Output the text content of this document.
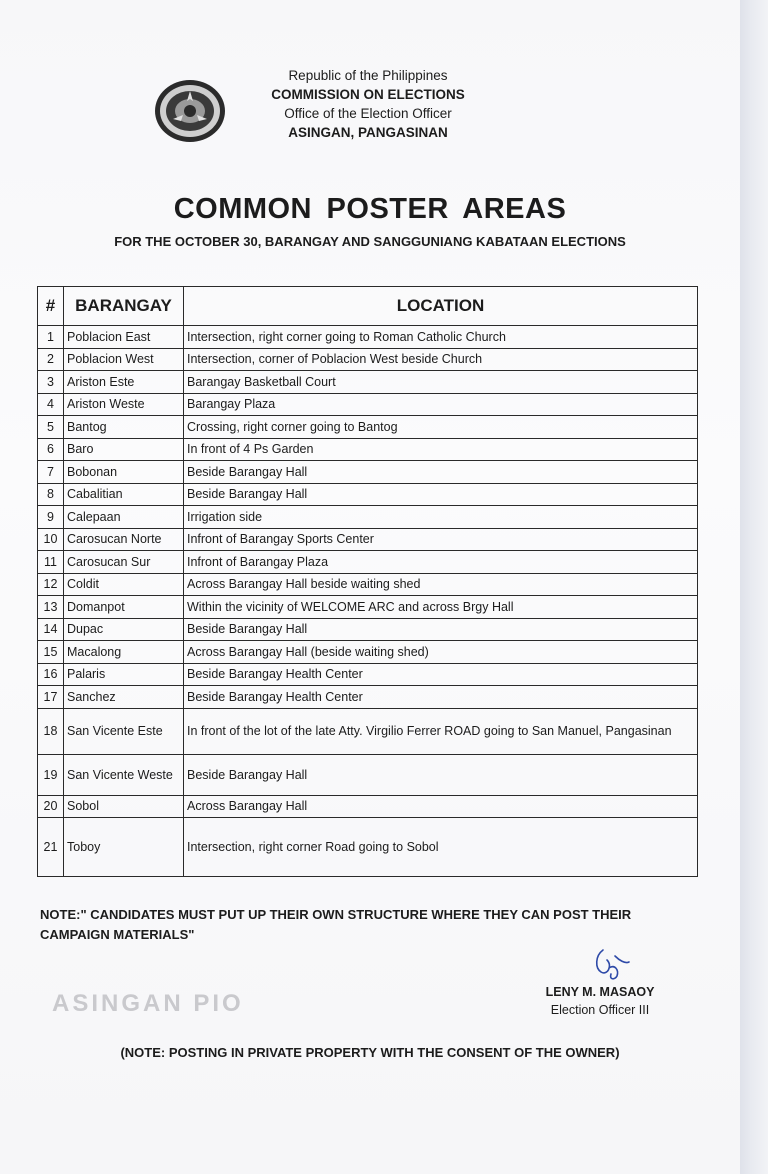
Republic of the Philippines
COMMISSION ON ELECTIONS
Office of the Election Officer
ASINGAN, PANGASINAN
COMMON POSTER AREAS
FOR THE OCTOBER 30, BARANGAY AND SANGGUNIANG KABATAAN ELECTIONS
#	BARANGAY	LOCATION
1	Poblacion East	Intersection, right corner going to Roman Catholic Church
2	Poblacion West	Intersection, corner of Poblacion West beside Church
3	Ariston Este	Barangay Basketball Court
4	Ariston Weste	Barangay Plaza
5	Bantog	Crossing, right corner going to Bantog
6	Baro	In front of 4 Ps Garden
7	Bobonan	Beside Barangay Hall
8	Cabalitian	Beside Barangay Hall
9	Calepaan	Irrigation side
10	Carosucan Norte	Infront of Barangay Sports Center
11	Carosucan Sur	Infront of Barangay Plaza
12	Coldit	Across Barangay Hall beside waiting shed
13	Domanpot	Within the vicinity of WELCOME ARC and across Brgy Hall
14	Dupac	Beside Barangay Hall
15	Macalong	Across Barangay Hall (beside waiting shed)
16	Palaris	Beside Barangay Health Center
17	Sanchez	Beside Barangay Health Center
18	San Vicente Este	In front of the lot of the late Atty. Virgilio Ferrer ROAD going to San Manuel, Pangasinan
19	San Vicente Weste	Beside Barangay Hall
20	Sobol	Across Barangay Hall
21	Toboy	Intersection, right corner Road going to Sobol
NOTE:" CANDIDATES MUST PUT UP THEIR OWN STRUCTURE WHERE THEY CAN POST THEIR CAMPAIGN MATERIALS"
ASINGAN PIO	LENY M. MASAOY
Election Officer III
(NOTE: POSTING IN PRIVATE PROPERTY WITH THE CONSENT OF THE OWNER)
